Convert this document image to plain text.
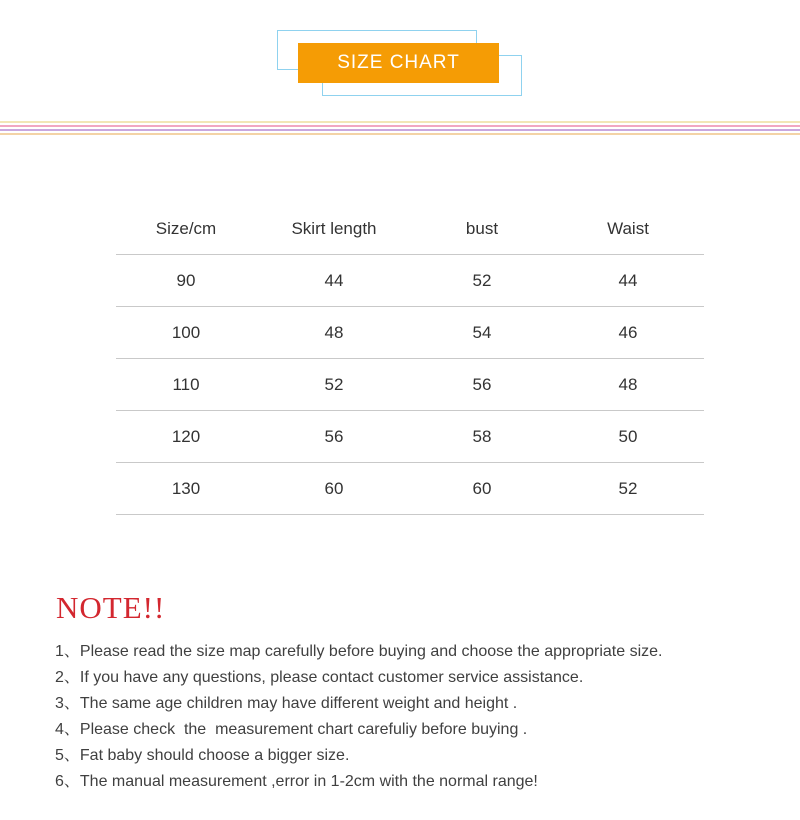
SIZE CHART
Size/cm	Skirt length	bust	Waist
90	44	52	44
100	48	54	46
110	52	56	48
120	56	58	50
130	60	60	52
NOTE!!
1、Please read the size map carefully before buying and choose the appropriate size.
2、If you have any questions, please contact customer service assistance.
3、The same age children may have different weight and height .
4、Please check  the  measurement chart carefuliy before buying .
5、Fat baby should choose a bigger size.
6、The manual measurement ,error in 1-2cm with the normal range!
